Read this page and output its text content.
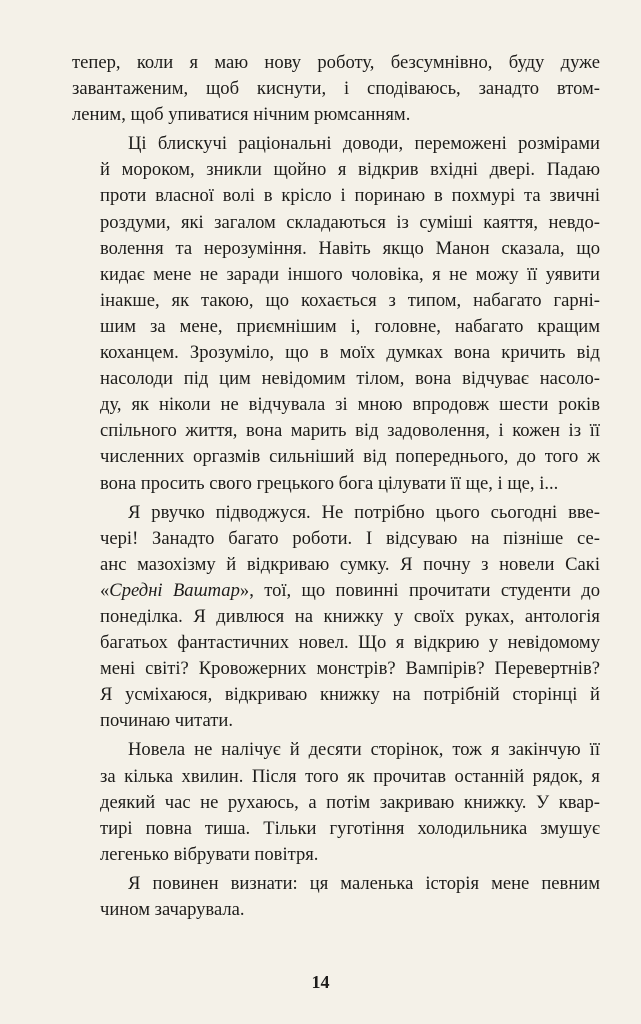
тепер, коли я маю нову роботу, безсумнівно, буду дуже
завантаженим, щоб киснути, і сподіваюсь, занадто втом-
леним, щоб упиватися нічним рюмсанням.
Ці блискучі раціональні доводи, переможені розмірами
й мороком, зникли щойно я відкрив вхідні двері. Падаю
проти власної волі в крісло і поринаю в похмурі та звичні
роздуми, які загалом складаються із суміші каяття, невдо-
волення та нерозуміння. Навіть якщо Манон сказала, що
кидає мене не заради іншого чоловіка, я не можу її уявити
інакше, як такою, що кохається з типом, набагато гарні-
шим за мене, приємнішим і, головне, набагато кращим
коханцем. Зрозуміло, що в моїх думках вона кричить від
насолоди під цим невідомим тілом, вона відчуває насоло-
ду, як ніколи не відчувала зі мною впродовж шести років
спільного життя, вона марить від задоволення, і кожен із її
численних оргазмів сильніший від попереднього, до того ж
вона просить свого грецького бога цілувати її ще, і ще, і...
Я рвучко підводжуся. Не потрібно цього сьогодні вве-
чері! Занадто багато роботи. І відсуваю на пізніше се-
анс мазохізму й відкриваю сумку. Я почну з новели Сакі
«Средні Ваштар», тої, що повинні прочитати студенти до
понеділка. Я дивлюся на книжку у своїх руках, антологія
багатьох фантастичних новел. Що я відкрию у невідомому
мені світі? Кровожерних монстрів? Вампірів? Перевертнів?
Я усміхаюся, відкриваю книжку на потрібній сторінці й
починаю читати.
Новела не налічує й десяти сторінок, тож я закінчую її
за кілька хвилин. Після того як прочитав останній рядок, я
деякий час не рухаюсь, а потім закриваю книжку. У квар-
тирі повна тиша. Тільки гуготіння холодильника змушує
легенько вібрувати повітря.
Я повинен визнати: ця маленька історія мене певним
чином зачарувала.
14
